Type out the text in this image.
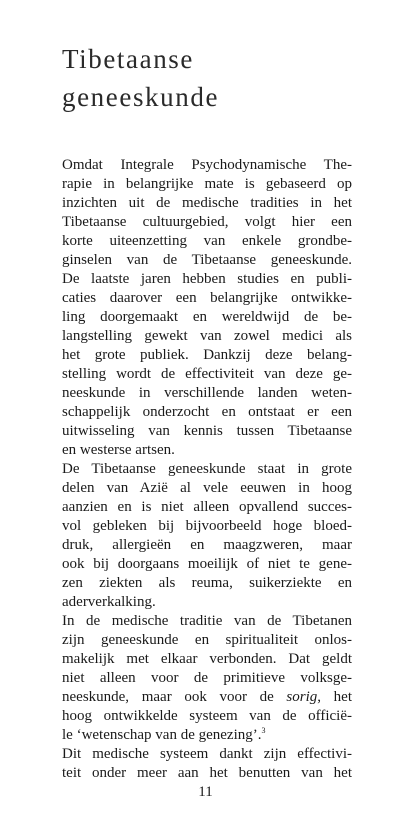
Tibetaanse
geneeskunde

Omdat Integrale Psychodynamische The-
rapie in belangrijke mate is gebaseerd op
inzichten uit de medische tradities in het
Tibetaanse cultuurgebied, volgt hier een
korte uiteenzetting van enkele grondbe-
ginselen van de Tibetaanse geneeskunde.
De laatste jaren hebben studies en publi-
caties daarover een belangrijke ontwikke-
ling doorgemaakt en wereldwijd de be-
langstelling gewekt van zowel medici als
het grote publiek. Dankzij deze belang-
stelling wordt de effectiviteit van deze ge-
neeskunde in verschillende landen weten-
schappelijk onderzocht en ontstaat er een
uitwisseling van kennis tussen Tibetaanse
en westerse artsen.

De Tibetaanse geneeskunde staat in grote
delen van Azië al vele eeuwen in hoog
aanzien en is niet alleen opvallend succes-
vol gebleken bij bijvoorbeeld hoge bloed-
druk, allergieën en maagzweren, maar
ook bij doorgaans moeilijk of niet te gene-
zen ziekten als reuma, suikerziekte en
aderverkalking.

In de medische traditie van de Tibetanen
zijn geneeskunde en spiritualiteit onlos-
makelijk met elkaar verbonden. Dat geldt
niet alleen voor de primitieve volksge-
neeskunde, maar ook voor de sorig, het
hoog ontwikkelde systeem van de officië-
le ‘wetenschap van de genezing’.$^3$

Dit medische systeem dankt zijn effectivi-
teit onder meer aan het benutten van het

11
